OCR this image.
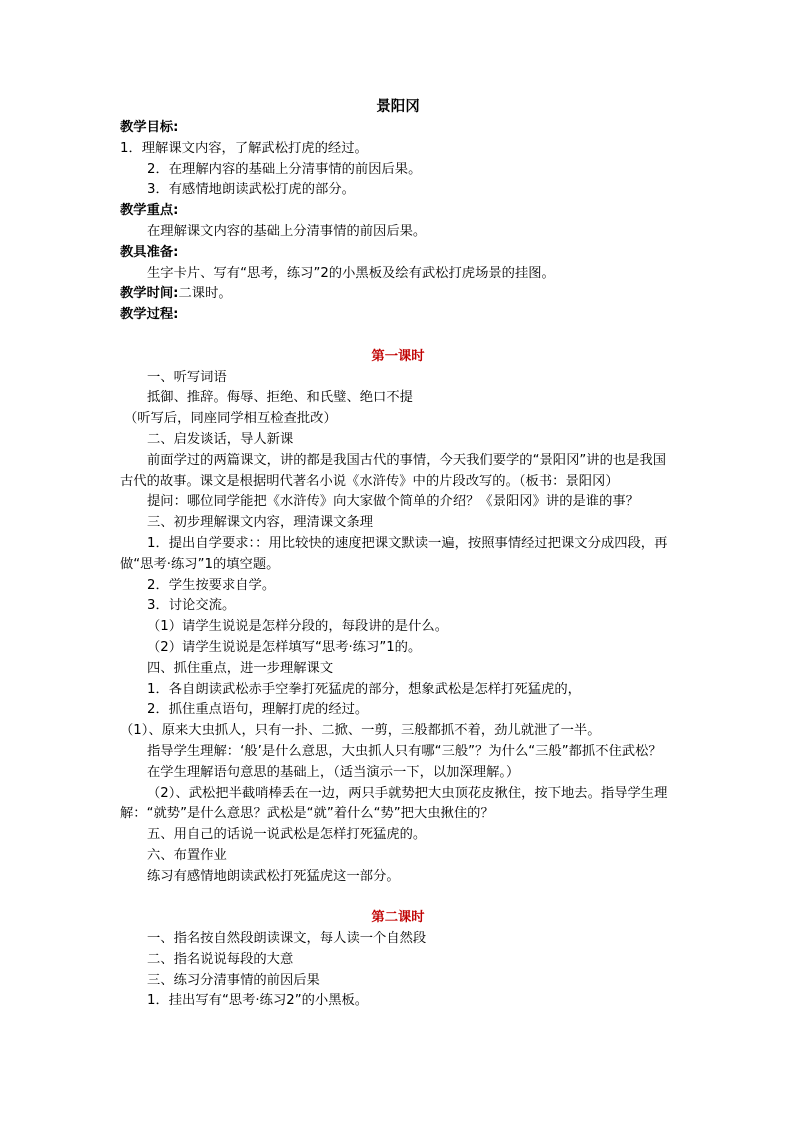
景阳冈
教学目标:
1．理解课文内容，了解武松打虎的经过。
2．在理解内容的基础上分清事情的前因后果。
3．有感情地朗读武松打虎的部分。
教学重点:
在理解课文内容的基础上分清事情的前因后果。
教具准备:
生字卡片、写有“思考，练习”2的小黑板及绘有武松打虎场景的挂图。
教学时间:二课时。
教学过程:
第一课时
一、听写词语
抵御、推辞。侮辱、拒绝、和氏璧、绝口不提
（听写后，同座同学相互检查批改）
二、启发谈话，导人新课
前面学过的两篇课文，讲的都是我国古代的事情，今天我们要学的“景阳冈”讲的也是我国古代的故事。课文是根据明代著名小说《水浒传》中的片段改写的。（板书：景阳冈）
提问：哪位同学能把《水浒传》向大家做个简单的介绍？《景阳冈》讲的是谁的事？
三、初步理解课文内容，理清课文条理
1．提出自学要求：：用比较快的速度把课文默读一遍，按照事情经过把课文分成四段，再做“思考·练习”1的填空题。
2．学生按要求自学。
3．讨论交流。
（1）请学生说说是怎样分段的，每段讲的是什么。
（2）请学生说说是怎样填写“思考·练习”1的。
四、抓住重点，进一步理解课文
1．各自朗读武松赤手空拳打死猛虎的部分，想象武松是怎样打死猛虎的，
2．抓住重点语句，理解打虎的经过。
（1）、原来大虫抓人，只有一扑、二掀、一剪，三般都抓不着，劲儿就泄了一半。
指导学生理解：‘般’是什么意思，大虫抓人只有哪“三般”？为什么“三般”都抓不住武松？
在学生理解语句意思的基础上，（适当演示一下，以加深理解。）
（2）、武松把半截哨棒丢在一边，两只手就势把大虫顶花皮揪住，按下地去。指导学生理解：“就势”是什么意思？武松是“就”着什么“势”把大虫揪住的？
五、用自己的话说一说武松是怎样打死猛虎的。
六、布置作业
练习有感情地朗读武松打死猛虎这一部分。
第二课时
一、指名按自然段朗读课文，每人读一个自然段
二、指名说说每段的大意
三、练习分清事情的前因后果
1．挂出写有“思考·练习2”的小黑板。
